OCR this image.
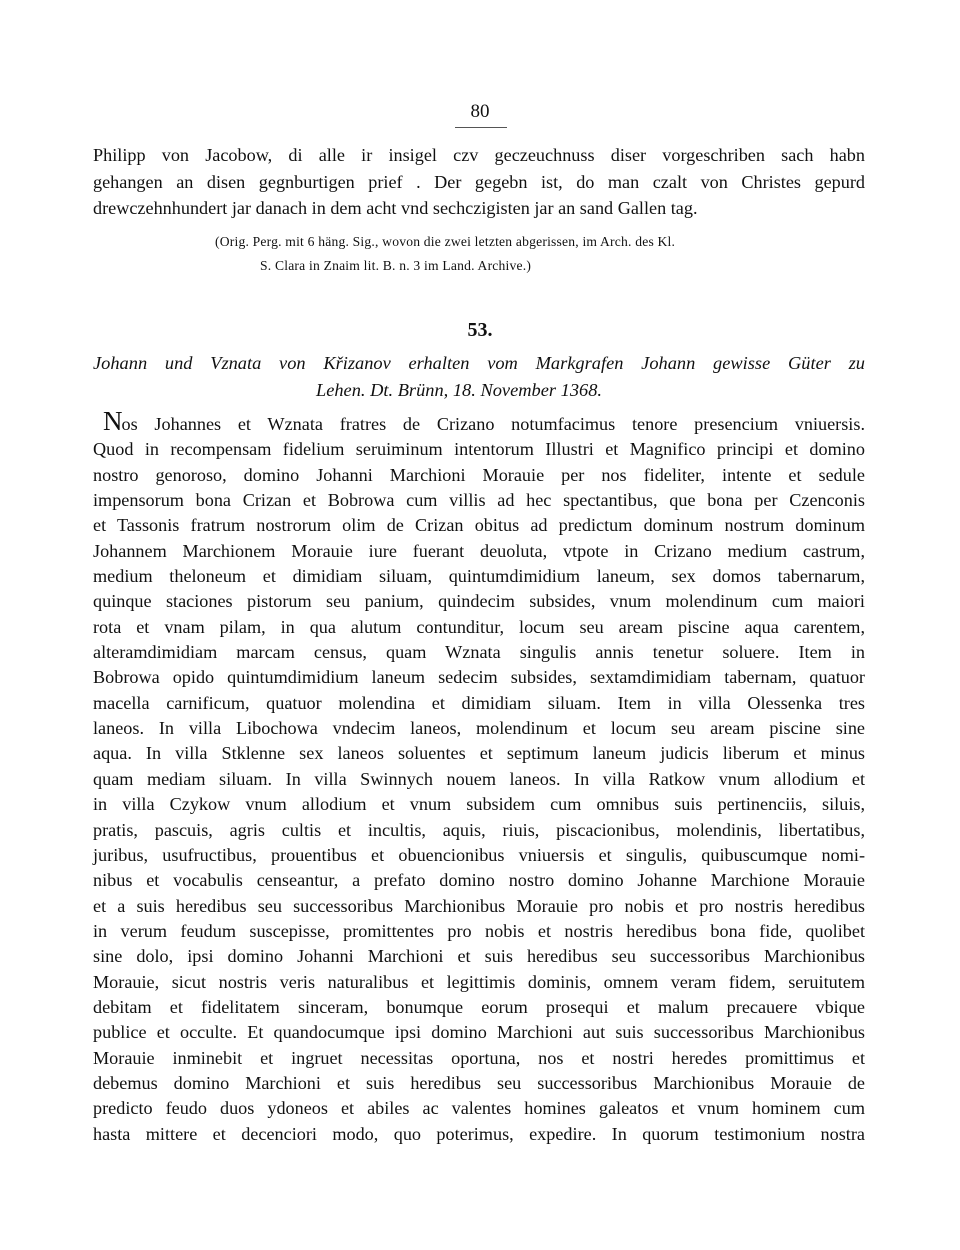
80

Philipp von Jacobow, di alle ir insigel czv geczeuchnuss diser vorgeschriben sach habn
gehangen an disen gegnburtigen prief . Der gegebn ist, do man czalt von Christes gepurd
drewczehnhundert jar danach in dem acht vnd sechczigisten jar an sand Gallen tag.

(Orig. Perg. mit 6 häng. Sig., wovon die zwei letzten abgerissen, im Arch. des Kl.
S. Clara in Znaim lit. B. n. 3 im Land. Archive.)

53.

Johann und Vznata von Křizanov erhalten vom Markgrafen Johann gewisse Güter zu
Lehen. Dt. Brünn, 18. November 1368.

Nos Johannes et Wznata fratres de Crizano notumfacimus tenore presencium vniuersis.
Quod in recompensam fidelium seruiminum intentorum Illustri et Magnifico principi et domino
nostro genoroso, domino Johanni Marchioni Morauie per nos fideliter, intente et sedule
impensorum bona Crizan et Bobrowa cum villis ad hec spectantibus, que bona per Czenconis
et Tassonis fratrum nostrorum olim de Crizan obitus ad predictum dominum nostrum dominum
Johannem Marchionem Morauie iure fuerant deuoluta, vtpote in Crizano medium castrum,
medium theloneum et dimidiam siluam, quintumdimidium laneum, sex domos tabernarum,
quinque staciones pistorum seu panium, quindecim subsides, vnum molendinum cum maiori
rota et vnam pilam, in qua alutum contunditur, locum seu aream piscine aqua carentem,
alteramdimidiam marcam census, quam Wznata singulis annis tenetur soluere. Item in
Bobrowa opido quintumdimidium laneum sedecim subsides, sextamdimidiam tabernam, quatuor
macella carnificum, quatuor molendina et dimidiam siluam. Item in villa Olessenka tres
laneos. In villa Libochowa vndecim laneos, molendinum et locum seu aream piscine sine
aqua. In villa Stklenne sex laneos soluentes et septimum laneum judicis liberum et minus
quam mediam siluam. In villa Swinnych nouem laneos. In villa Ratkow vnum allodium et
in villa Czykow vnum allodium et vnum subsidem cum omnibus suis pertinenciis, siluis,
pratis, pascuis, agris cultis et incultis, aquis, riuis, piscacionibus, molendinis, libertatibus,
juribus, usufructibus, prouentibus et obuencionibus vniuersis et singulis, quibuscumque nomi-
nibus et vocabulis censeantur, a prefato domino nostro domino Johanne Marchione Morauie
et a suis heredibus seu successoribus Marchionibus Morauie pro nobis et pro nostris heredibus
in verum feudum suscepisse, promittentes pro nobis et nostris heredibus bona fide, quolibet
sine dolo, ipsi domino Johanni Marchioni et suis heredibus seu successoribus Marchionibus
Morauie, sicut nostris veris naturalibus et legittimis dominis, omnem veram fidem, seruitutem
debitam et fidelitatem sinceram, bonumque eorum prosequi et malum precauere vbique
publice et occulte. Et quandocumque ipsi domino Marchioni aut suis successoribus Marchionibus
Morauie inminebit et ingruet necessitas oportuna, nos et nostri heredes promittimus et
debemus domino Marchioni et suis heredibus seu successoribus Marchionibus Morauie de
predicto feudo duos ydoneos et abiles ac valentes homines galeatos et vnum hominem cum
hasta mittere et decenciori modo, quo poterimus, expedire. In quorum testimonium nostra
